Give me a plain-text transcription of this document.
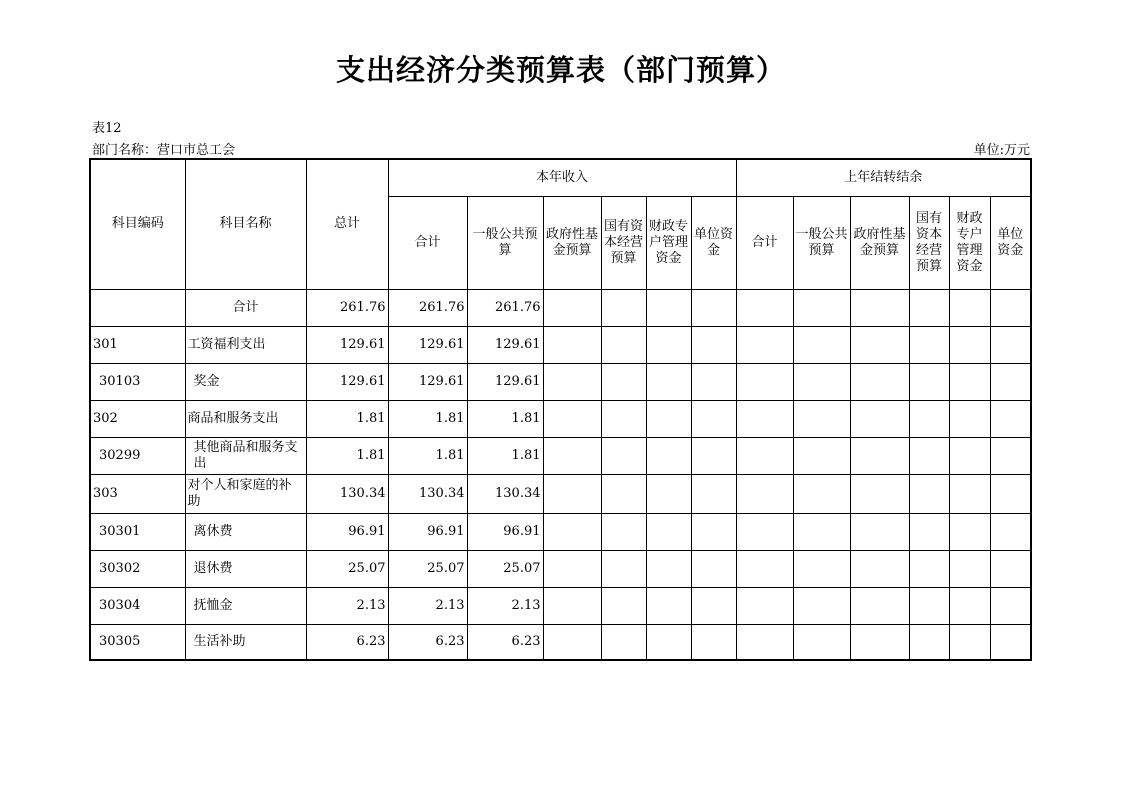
支出经济分类预算表（部门预算）
表12
部门名称：营口市总工会	单位:万元
科目编码	科目名称	总计	本年收入						上年结转结余					
			合计	一般公共预算	政府性基金预算	国有资本经营预算	财政专户管理资金	单位资金	合计	一般公共预算	政府性基金预算	国有资本经营预算	财政专户管理资金	单位资金
	合计	261.76	261.76	261.76										
301	工资福利支出	129.61	129.61	129.61										
30103	奖金	129.61	129.61	129.61										
302	商品和服务支出	1.81	1.81	1.81										
30299	其他商品和服务支出	1.81	1.81	1.81										
303	对个人和家庭的补助	130.34	130.34	130.34										
30301	离休费	96.91	96.91	96.91										
30302	退休费	25.07	25.07	25.07										
30304	抚恤金	2.13	2.13	2.13										
30305	生活补助	6.23	6.23	6.23										
